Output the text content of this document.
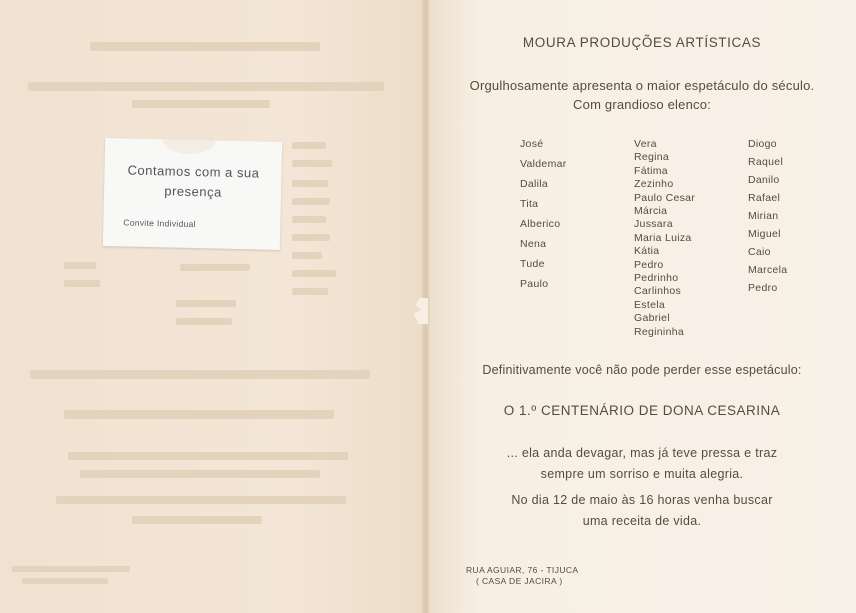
Contamos com a sua
presença
Convite Individual
MOURA PRODUÇÕES ARTÍSTICAS
Orgulhosamente apresenta o maior espetáculo do século.
Com grandioso elenco:
José
Valdemar
Dalila
Tita
Alberico
Nena
Tude
Paulo
Vera
Regina
Fátima
Zezinho
Paulo Cesar
Márcia
Jussara
Maria Luiza
Kátia
Pedro
Pedrinho
Carlinhos
Estela
Gabriel
Regininha
Diogo
Raquel
Danilo
Rafael
Mirian
Miguel
Caio
Marcela
Pedro
Definitivamente você não pode perder esse espetáculo:
O 1.º CENTENÁRIO DE DONA CESARINA
... ela anda devagar, mas já teve pressa e traz
sempre um sorriso e muita alegria.
No dia 12 de maio às 16 horas venha buscar
uma receita de vida.
RUA AGUIAR, 76 - TIJUCA
( CASA DE JACIRA )
